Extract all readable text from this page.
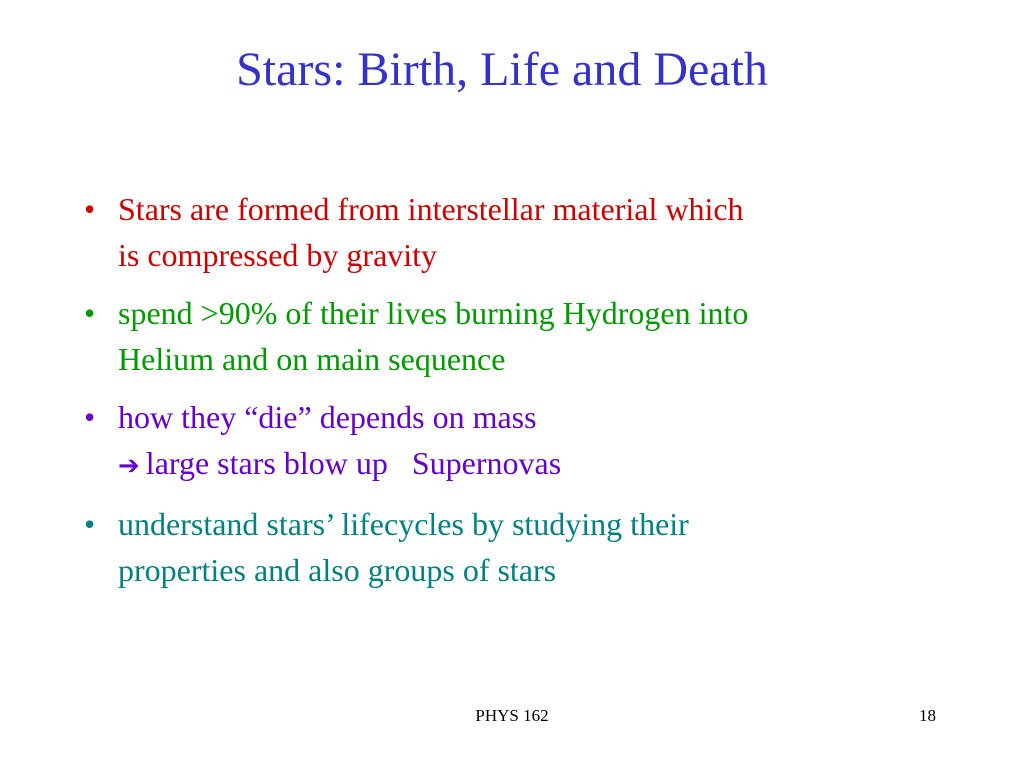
Stars: Birth, Life and Death
• Stars are formed from interstellar material which
is compressed by gravity
• spend >90% of their lives burning Hydrogen into
Helium and on main sequence
• how they “die” depends on mass
➔ large stars blow up   Supernovas
• understand stars’ lifecycles by studying their
properties and also groups of stars
PHYS 162	18
